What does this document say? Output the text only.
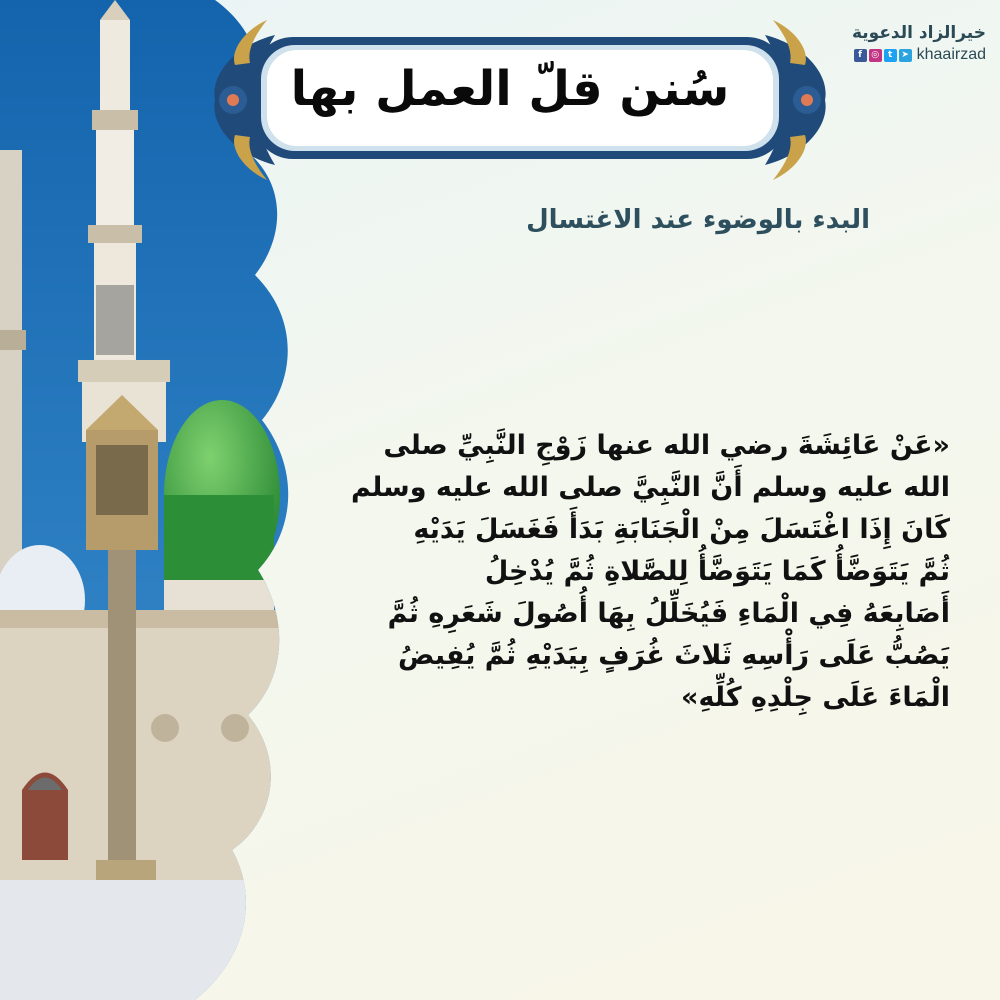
سُنن قلّ العمل بها
خيرالزاد الدعوية
f	◎ t	➤ khaairzad
البدء بالوضوء عند الاغتسال
«عَنْ عَائِشَةَ رضي الله عنها زَوْجِ النَّبِيِّ صلى
الله عليه وسلم أَنَّ النَّبِيَّ صلى الله عليه وسلم
كَانَ إِذَا اغْتَسَلَ مِنْ الْجَنَابَةِ بَدَأَ فَغَسَلَ يَدَيْهِ
ثُمَّ يَتَوَضَّأُ كَمَا يَتَوَضَّأُ لِلصَّلاةِ ثُمَّ يُدْخِلُ
أَصَابِعَهُ فِي الْمَاءِ فَيُخَلِّلُ بِهَا أُصُولَ شَعَرِهِ ثُمَّ
يَصُبُّ عَلَى رَأْسِهِ ثَلاثَ غُرَفٍ بِيَدَيْهِ ثُمَّ يُفِيضُ
الْمَاءَ عَلَى جِلْدِهِ كُلِّهِ»
